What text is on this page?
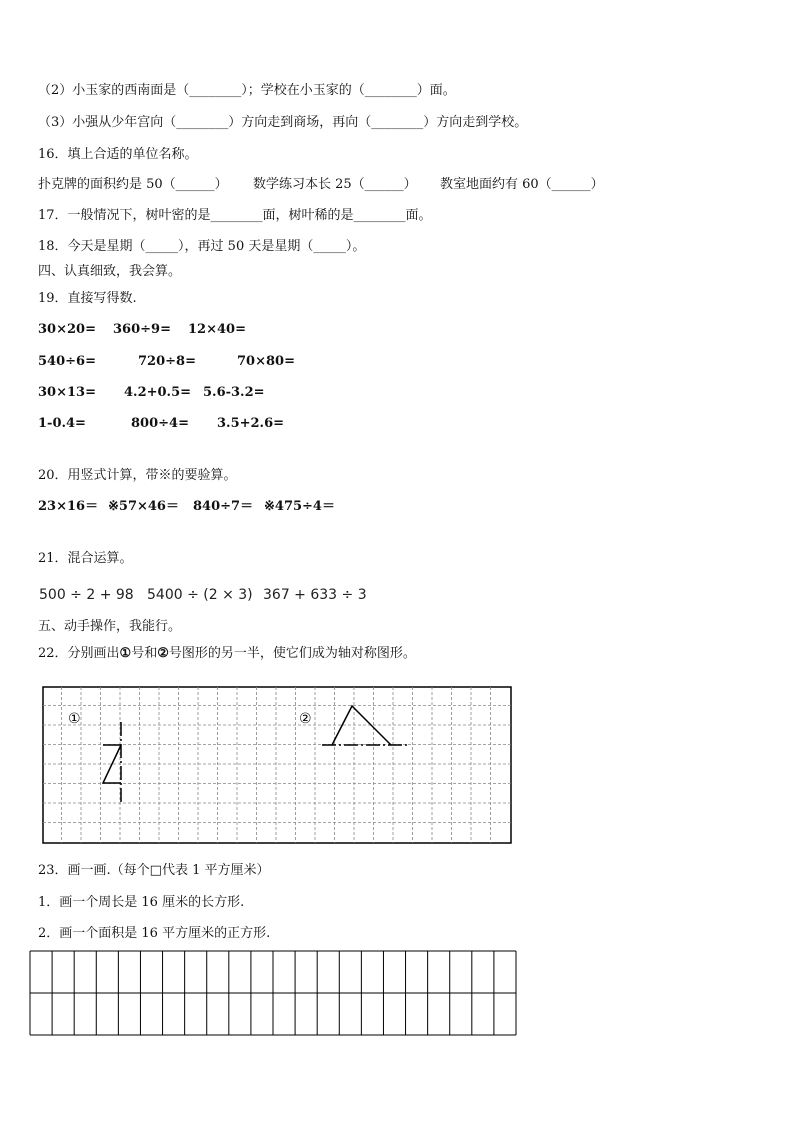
（2）小玉家的西南面是（________）；学校在小玉家的（________）面。
（3）小强从少年宫向（________）方向走到商场，再向（________）方向走到学校。
16．填上合适的单位名称。
扑克牌的面积约是 50（______） 数学练习本长 25（______） 教室地面约有 60（______）
17．一般情况下，树叶密的是________面，树叶稀的是________面。
18．今天是星期（_____），再过 50 天是星期（_____）。
四、认真细致，我会算。
19．直接写得数.
30×20= 360÷9= 12×40=
540÷6=	720÷8=	70×80=
30×13= 4.2+0.5= 5.6-3.2=
1-0.4=	800÷4= 3.5+2.6=
20．用竖式计算，带※的要验算。
23×16＝ ※57×46＝ 840÷7＝ ※475÷4＝
21．混合运算。
500 ÷ 2 + 98 5400 ÷ (2 × 3) 367 + 633 ÷ 3
五、动手操作，我能行。
22．分别画出①号和②号图形的另一半，使它们成为轴对称图形。
①	②
23．画一画.（每个□代表 1 平方厘米）
1．画一个周长是 16 厘米的长方形.
2．画一个面积是 16 平方厘米的正方形.
